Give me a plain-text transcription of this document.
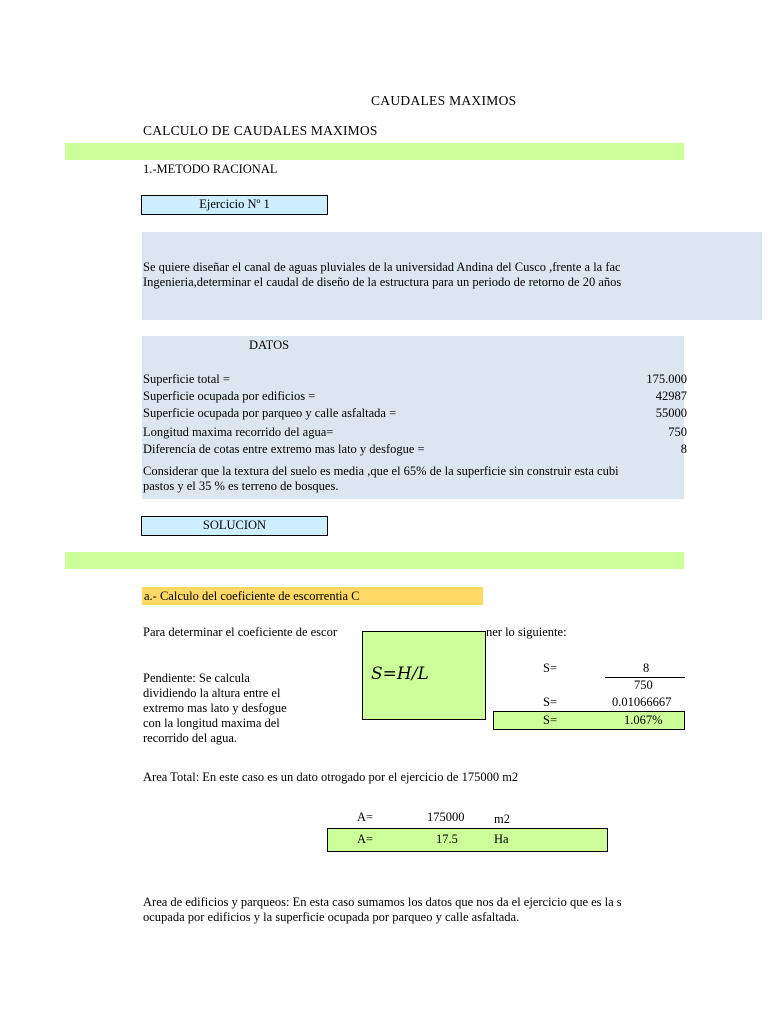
CAUDALES MAXIMOS
CALCULO DE CAUDALES MAXIMOS
1.-METODO RACIONAL
Ejercicio Nº 1
Se quiere diseñar el canal de aguas pluviales de la universidad Andina del Cusco ,frente a la fac
Ingenieria,determinar el caudal de diseño de la estructura para un periodo de retorno de 20 años
DATOS
Superficie total =	175.000
Superficie ocupada por edificios =	42987
Superficie ocupada por parqueo y calle asfaltada =	55000
Longitud maxima recorrido del agua=	750
Diferencia de cotas entre extremo mas lato y desfogue =	8
Considerar que la textura del suelo es media ,que el 65% de la superficie sin construir esta cubi
pastos y el 35 % es terreno de bosques.
SOLUCION
a.- Calculo del coeficiente de escorrentia C
Para determinar el coeficiente de escor	ner lo siguiente:
Pendiente: Se calcula
dividiendo la altura entre el
extremo mas lato y desfogue
con la longitud maxima del
recorrido del agua.
S=H/L	S=	8
750
S=	0.01066667
S=	1.067%
Area Total: En este caso es un dato otrogado por el ejercicio de 175000 m2
A=	175000 m2
A=	17.5	Ha
Area de edificios y parqueos: En esta caso sumamos los datos que nos da el ejercicio que es la s
ocupada por edificios y la superficie ocupada por parqueo y calle asfaltada.
